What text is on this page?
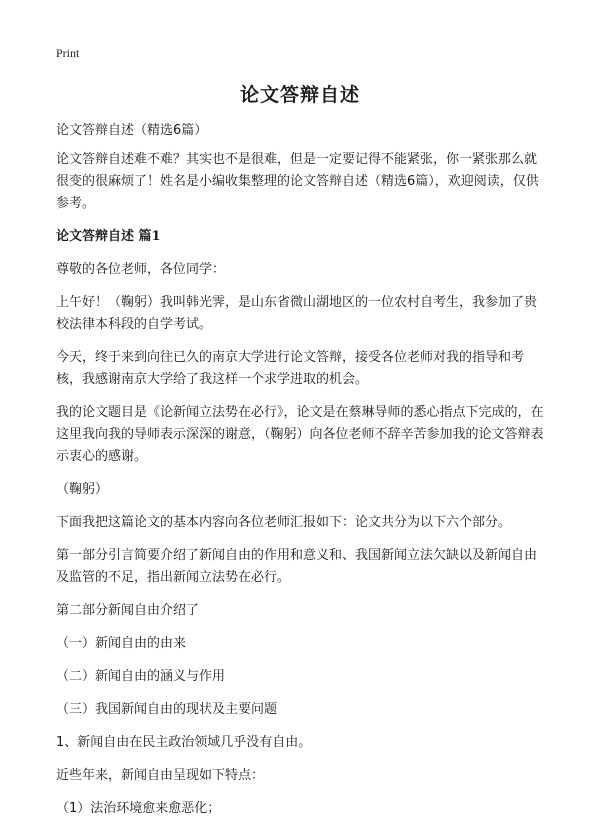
Print
论文答辩自述

论文答辩自述（精选6篇）

论文答辩自述难不难？其实也不是很难，但是一定要记得不能紧张，你一紧张那么就很变的很麻烦了！姓名是小编收集整理的论文答辩自述（精选6篇），欢迎阅读，仅供参考。

论文答辩自述 篇1

尊敬的各位老师，各位同学：

上午好！（鞠躬）我叫韩光霁，是山东省微山湖地区的一位农村自考生，我参加了贵校法律本科段的自学考试。

今天，终于来到向往已久的南京大学进行论文答辩，接受各位老师对我的指导和考核，我感谢南京大学给了我这样一个求学进取的机会。

我的论文题目是《论新闻立法势在必行》，论文是在蔡琳导师的悉心指点下完成的，在这里我向我的导师表示深深的谢意，（鞠躬）向各位老师不辞辛苦参加我的论文答辩表示衷心的感谢。

（鞠躬）

下面我把这篇论文的基本内容向各位老师汇报如下：论文共分为以下六个部分。

第一部分引言简要介绍了新闻自由的作用和意义和、我国新闻立法欠缺以及新闻自由及监管的不足，指出新闻立法势在必行。

第二部分新闻自由介绍了

（一）新闻自由的由来

（二）新闻自由的涵义与作用

（三）我国新闻自由的现状及主要问题

1、新闻自由在民主政治领域几乎没有自由。

近些年来，新闻自由呈现如下特点：

（1）法治环境愈来愈恶化；
